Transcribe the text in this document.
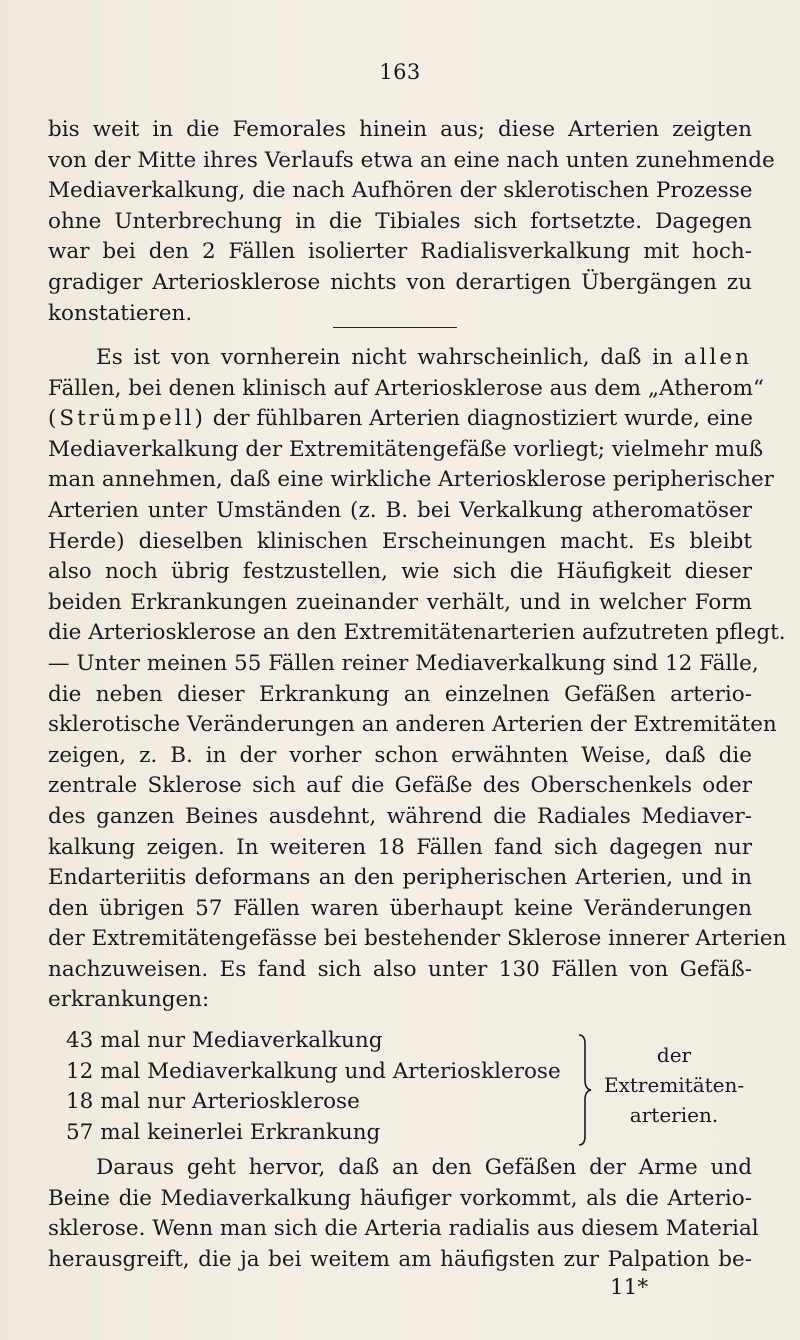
163
bis weit in die Femorales hinein aus; diese Arterien zeigten
von der Mitte ihres Verlaufs etwa an eine nach unten zunehmende
Mediaverkalkung, die nach Aufhören der sklerotischen Prozesse
ohne Unterbrechung in die Tibiales sich fortsetzte. Dagegen
war bei den 2 Fällen isolierter Radialisverkalkung mit hoch-
gradiger Arteriosklerose nichts von derartigen Übergängen zu
konstatieren.
Es ist von vornherein nicht wahrscheinlich, daß in allen
Fällen, bei denen klinisch auf Arteriosklerose aus dem „Atherom“
(Strümpell) der fühlbaren Arterien diagnostiziert wurde, eine
Mediaverkalkung der Extremitätengefäße vorliegt; vielmehr muß
man annehmen, daß eine wirkliche Arteriosklerose peripherischer
Arterien unter Umständen (z. B. bei Verkalkung atheromatöser
Herde) dieselben klinischen Erscheinungen macht. Es bleibt
also noch übrig festzustellen, wie sich die Häufigkeit dieser
beiden Erkrankungen zueinander verhält, und in welcher Form
die Arteriosklerose an den Extremitätenarterien aufzutreten pflegt.
— Unter meinen 55 Fällen reiner Mediaverkalkung sind 12 Fälle,
die neben dieser Erkrankung an einzelnen Gefäßen arterio-
sklerotische Veränderungen an anderen Arterien der Extremitäten
zeigen, z. B. in der vorher schon erwähnten Weise, daß die
zentrale Sklerose sich auf die Gefäße des Oberschenkels oder
des ganzen Beines ausdehnt, während die Radiales Mediaver-
kalkung zeigen. In weiteren 18 Fällen fand sich dagegen nur
Endarteriitis deformans an den peripherischen Arterien, und in
den übrigen 57 Fällen waren überhaupt keine Veränderungen
der Extremitätengefässe bei bestehender Sklerose innerer Arterien
nachzuweisen. Es fand sich also unter 130 Fällen von Gefäß-
erkrankungen:
43 mal nur Mediaverkalkung
12 mal Mediaverkalkung und Arteriosklerose
18 mal nur Arteriosklerose
57 mal keinerlei Erkrankung
der
Extremitäten-
arterien.
Daraus geht hervor, daß an den Gefäßen der Arme und
Beine die Mediaverkalkung häufiger vorkommt, als die Arterio-
sklerose. Wenn man sich die Arteria radialis aus diesem Material
herausgreift, die ja bei weitem am häufigsten zur Palpation be-
11*
